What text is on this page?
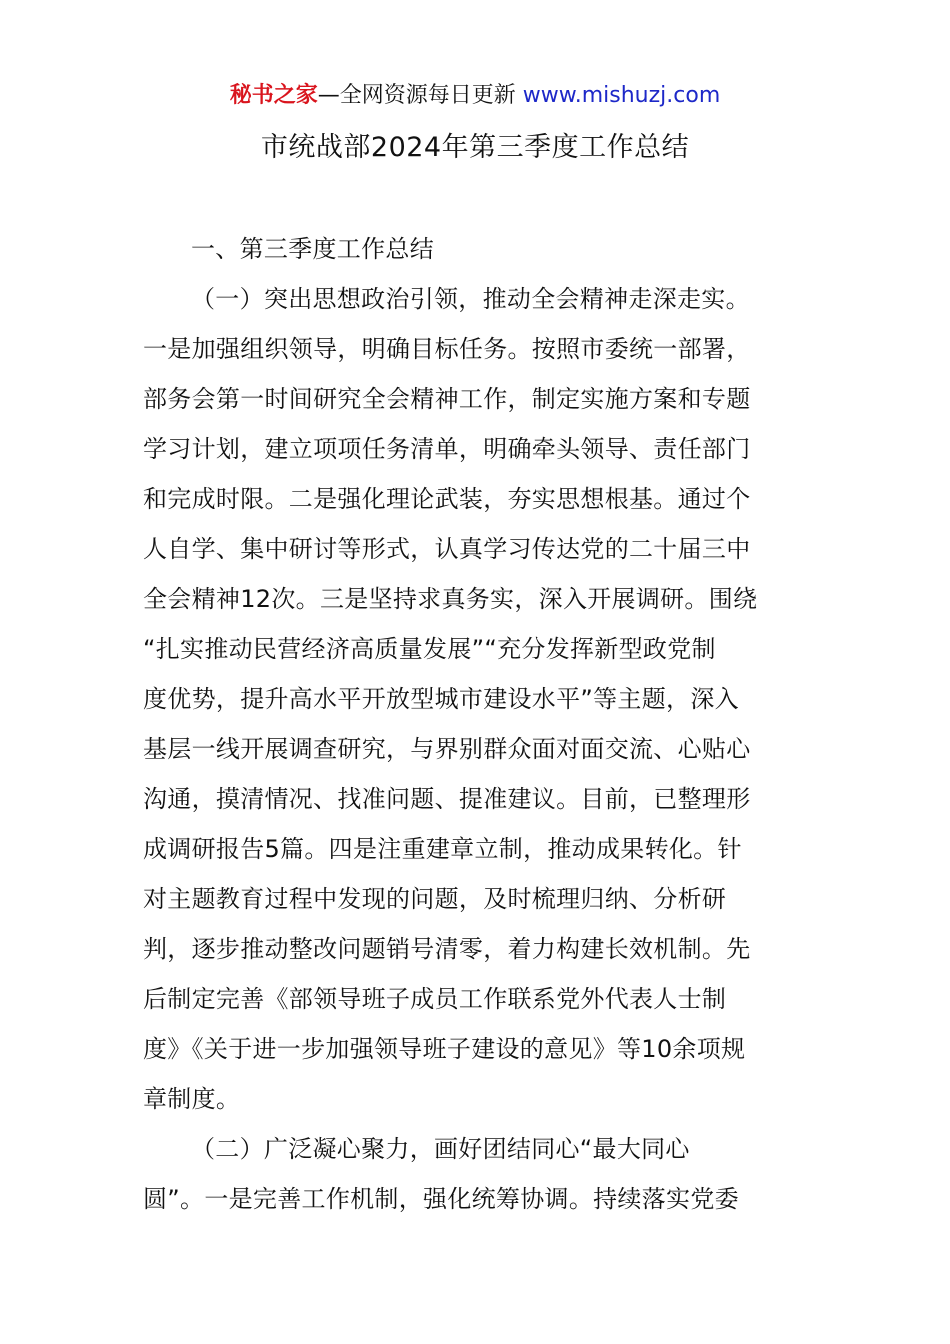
秘书之家—全网资源每日更新 www.mishuzj.com
市统战部2024年第三季度工作总结
一、第三季度工作总结
（一）突出思想政治引领，推动全会精神走深走实。
一是加强组织领导，明确目标任务。按照市委统一部署，
部务会第一时间研究全会精神工作，制定实施方案和专题
学习计划，建立项项任务清单，明确牵头领导、责任部门
和完成时限。二是强化理论武装，夯实思想根基。通过个
人自学、集中研讨等形式，认真学习传达党的二十届三中
全会精神12次。三是坚持求真务实，深入开展调研。围绕
“扎实推动民营经济高质量发展”“充分发挥新型政党制
度优势，提升高水平开放型城市建设水平”等主题，深入
基层一线开展调查研究，与界别群众面对面交流、心贴心
沟通，摸清情况、找准问题、提准建议。目前，已整理形
成调研报告5篇。四是注重建章立制，推动成果转化。针
对主题教育过程中发现的问题，及时梳理归纳、分析研
判，逐步推动整改问题销号清零，着力构建长效机制。先
后制定完善《部领导班子成员工作联系党外代表人士制
度》《关于进一步加强领导班子建设的意见》等10余项规
章制度。
（二）广泛凝心聚力，画好团结同心“最大同心
圆”。一是完善工作机制，强化统筹协调。持续落实党委
